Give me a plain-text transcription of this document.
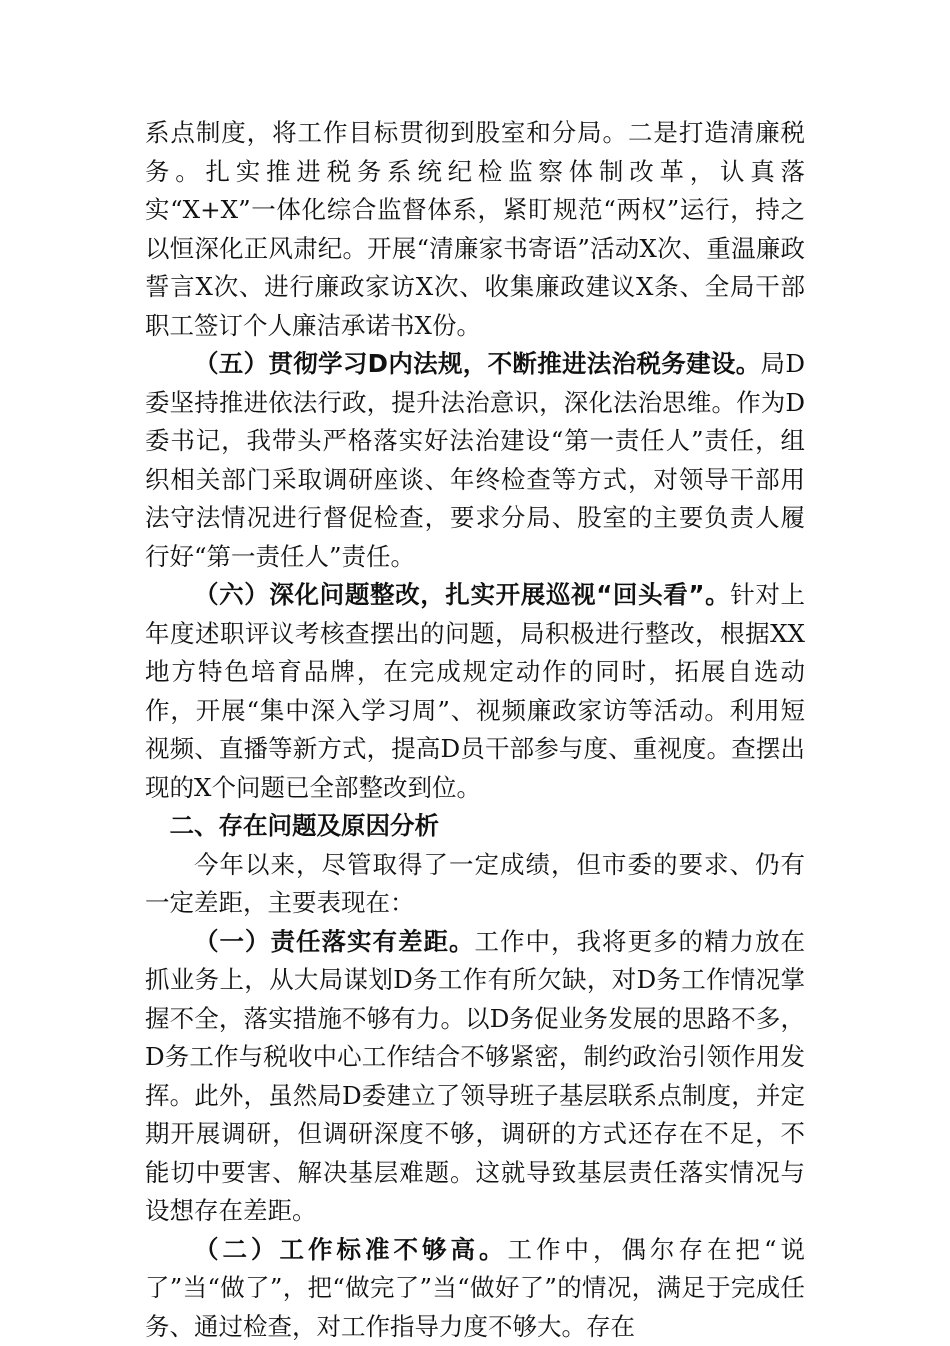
系点制度，将工作目标贯彻到股室和分局。二是打造清廉税务。扎实推进税务系统纪检监察体制改革，认真落实“X+X”一体化综合监督体系，紧盯规范“两权”运行，持之以恒深化正风肃纪。开展“清廉家书寄语”活动X次、重温廉政誓言X次、进行廉政家访X次、收集廉政建议X条、全局干部职工签订个人廉洁承诺书X份。

（五）贯彻学习D内法规，不断推进法治税务建设。局D委坚持推进依法行政，提升法治意识，深化法治思维。作为D委书记，我带头严格落实好法治建设“第一责任人”责任，组织相关部门采取调研座谈、年终检查等方式，对领导干部用法守法情况进行督促检查，要求分局、股室的主要负责人履行好“第一责任人”责任。

（六）深化问题整改，扎实开展巡视“回头看”。针对上年度述职评议考核查摆出的问题，局积极进行整改，根据XX地方特色培育品牌，在完成规定动作的同时，拓展自选动作，开展“集中深入学习周”、视频廉政家访等活动。利用短视频、直播等新方式，提高D员干部参与度、重视度。查摆出现的X个问题已全部整改到位。

二、存在问题及原因分析

今年以来，尽管取得了一定成绩，但市委的要求、仍有一定差距，主要表现在：

（一）责任落实有差距。工作中，我将更多的精力放在抓业务上，从大局谋划D务工作有所欠缺，对D务工作情况掌握不全，落实措施不够有力。以D务促业务发展的思路不多，D务工作与税收中心工作结合不够紧密，制约政治引领作用发挥。此外，虽然局D委建立了领导班子基层联系点制度，并定期开展调研，但调研深度不够，调研的方式还存在不足，不能切中要害、解决基层难题。这就导致基层责任落实情况与设想存在差距。

（二）工作标准不够高。工作中，偶尔存在把“说了”当“做了”，把“做完了”当“做好了”的情况，满足于完成任务、通过检查，对工作指导力度不够大。存在
